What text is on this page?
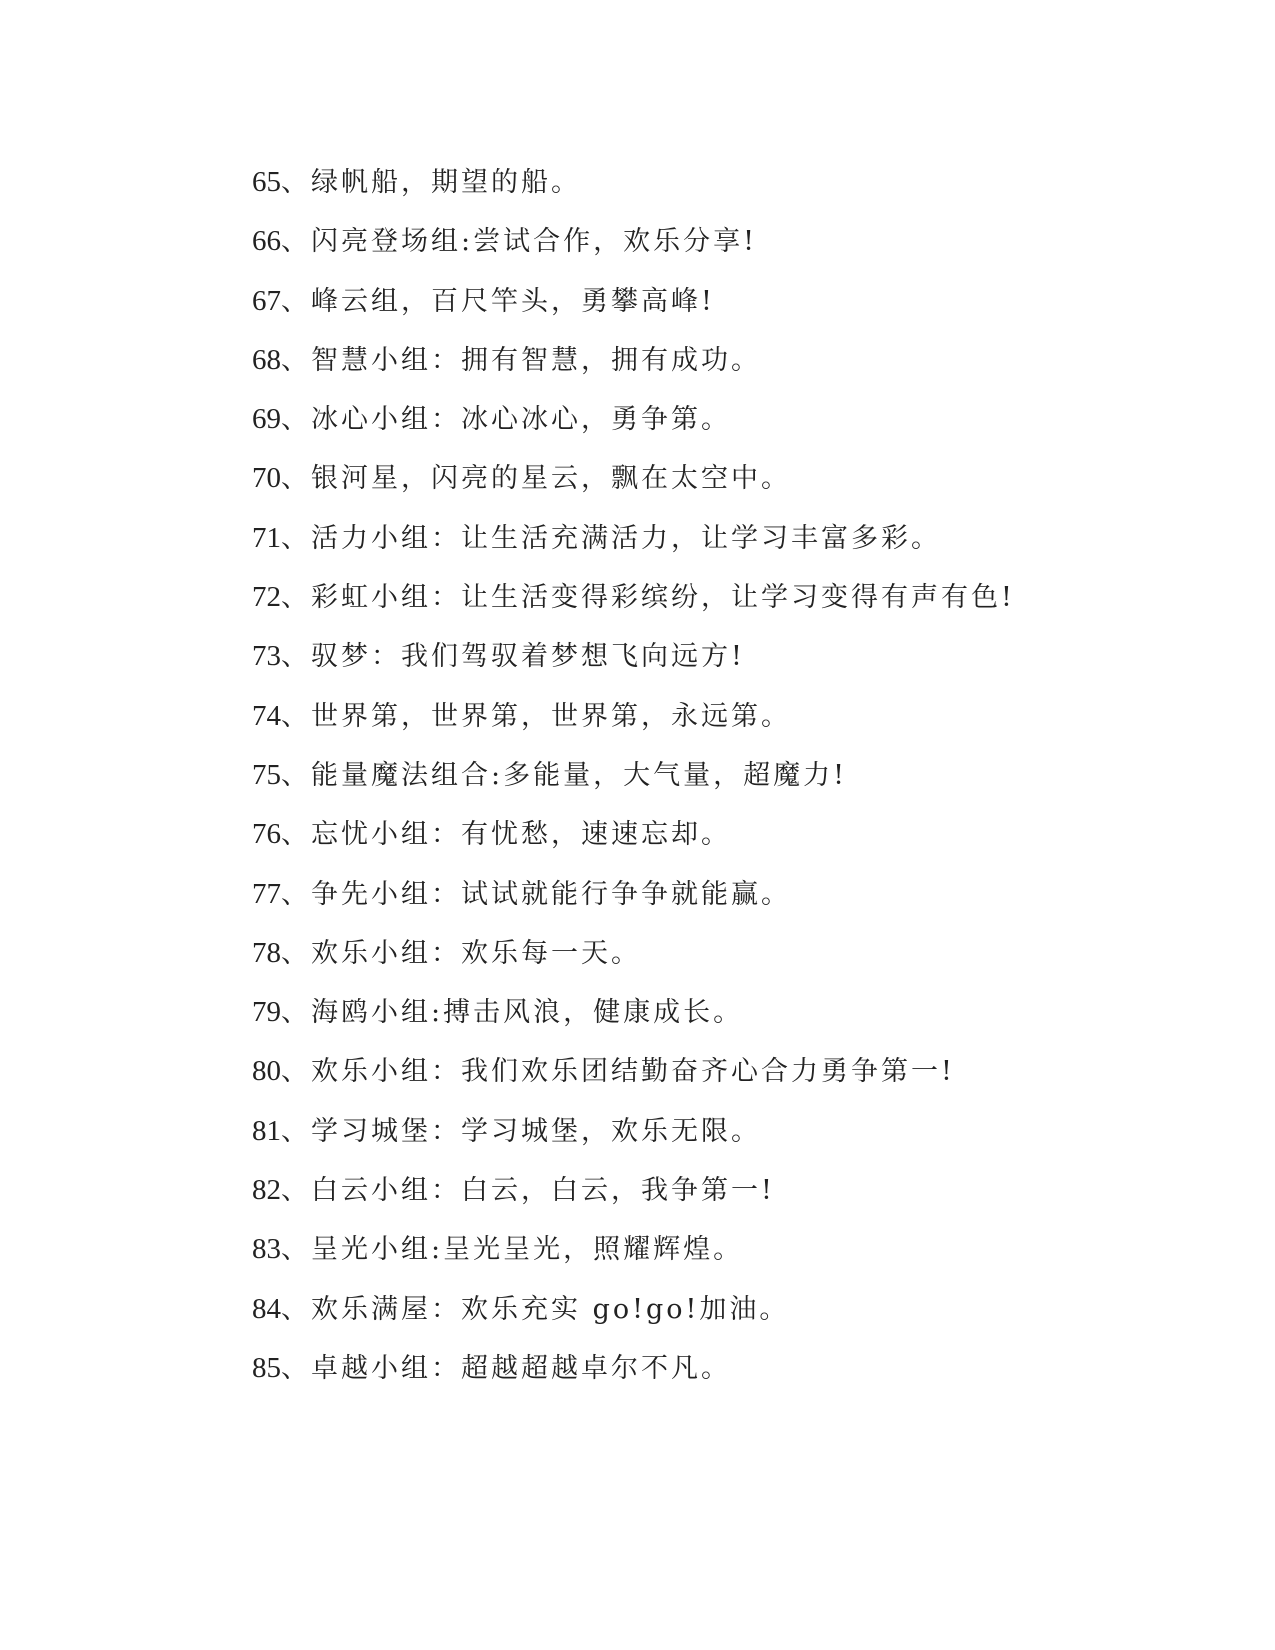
65、绿帆船，期望的船。
66、闪亮登场组:尝试合作，欢乐分享!
67、峰云组，百尺竿头，勇攀高峰!
68、智慧小组：拥有智慧，拥有成功。
69、冰心小组：冰心冰心，勇争第。
70、银河星，闪亮的星云，飘在太空中。
71、活力小组：让生活充满活力，让学习丰富多彩。
72、彩虹小组：让生活变得彩缤纷，让学习变得有声有色!
73、驭梦：我们驾驭着梦想飞向远方!
74、世界第，世界第，世界第，永远第。
75、能量魔法组合:多能量，大气量，超魔力!
76、忘忧小组：有忧愁，速速忘却。
77、争先小组：试试就能行争争就能赢。
78、欢乐小组：欢乐每一天。
79、海鸥小组:搏击风浪，健康成长。
80、欢乐小组：我们欢乐团结勤奋齐心合力勇争第一!
81、学习城堡：学习城堡，欢乐无限。
82、白云小组：白云，白云，我争第一!
83、呈光小组:呈光呈光，照耀辉煌。
84、欢乐满屋：欢乐充实 go!go!加油。
85、卓越小组：超越超越卓尔不凡。
